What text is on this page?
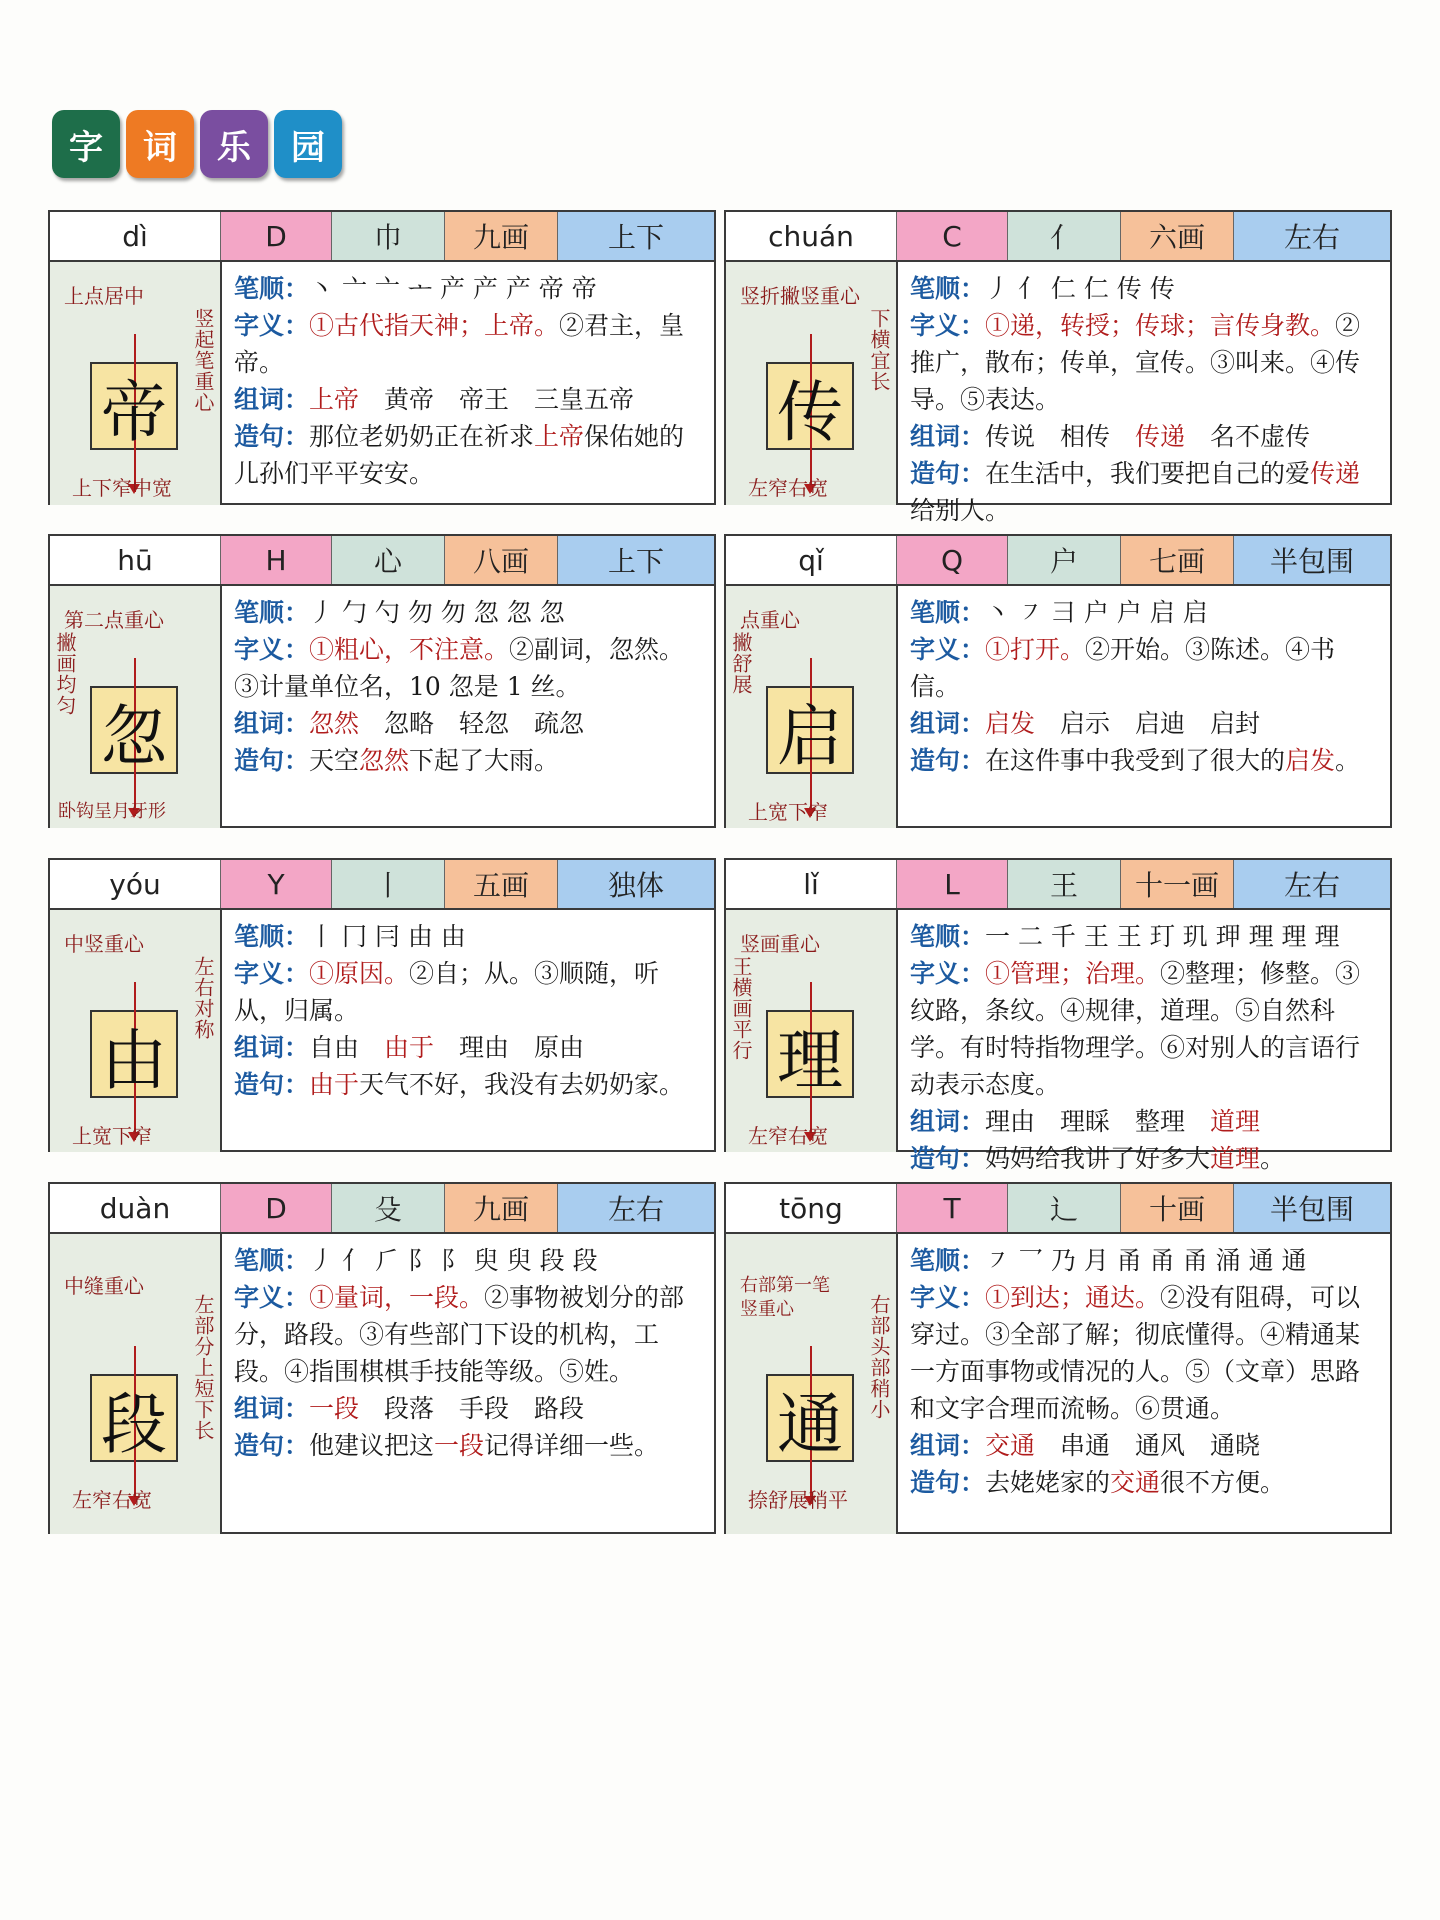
字	词	乐	园
dì	D	巾	九画	上下
上点居中
竖起笔重心
帝
上下窄中宽
笔顺：丶 亠 亠 ᅩ 产 产 产 帝 帝
字义：①古代指天神；上帝。②君主，皇帝。
组词：上帝　黄帝　帝王　三皇五帝
造句：那位老奶奶正在祈求上帝保佑她的儿孙们平平安安。
chuán	C	亻	六画	左右
竖折撇竖重心
下横宜长
传
左窄右宽
笔顺：丿 亻 仁 仁 传 传
字义：①递，转授；传球；言传身教。②推广，散布；传单，宣传。③叫来。④传导。⑤表达。
组词：传说　相传　传递　名不虚传
造句：在生活中，我们要把自己的爱传递给别人。
hū	H	心	八画	上下
第二点重心
撇画均匀
忽
卧钩呈月牙形
笔顺：丿 勹 勺 勿 勿 忽 忽 忽
字义：①粗心，不注意。②副词，忽然。③计量单位名，10 忽是 1 丝。
组词：忽然　忽略　轻忽　疏忽
造句：天空忽然下起了大雨。
qǐ	Q	户	七画	半包围
点重心
撇舒展
启
上宽下窄
笔顺：丶 ㇇ 彐 户 户 启 启
字义：①打开。②开始。③陈述。④书信。
组词：启发　启示　启迪　启封
造句：在这件事中我受到了很大的启发。
yóu	Y	丨	五画	独体
中竖重心
左右对称
由
上宽下窄
笔顺：丨 冂 冃 由 由
字义：①原因。②自；从。③顺随，听从，归属。
组词：自由　由于　理由　原由
造句：由于天气不好，我没有去奶奶家。
lǐ	L	王	十一画	左右
竖画重心
王横画平行 理
左窄右宽
笔顺：一 二 千 王 王 玎 玑 玾 理 理 理
字义：①管理；治理。②整理；修整。③纹路，条纹。④规律，道理。⑤自然科学。有时特指物理学。⑥对别人的言语行动表示态度。
组词：理由　理睬　整理　道理
造句：妈妈给我讲了好多大道理。
duàn	D	殳	九画	左右
中缝重心
左部分上短下长
段
左窄右宽
笔顺：丿 亻 ⺁ 阝 阝 臾 臾 段 段
字义：①量词，一段。②事物被划分的部分，路段。③有些部门下设的机构，工段。④指围棋棋手技能等级。⑤姓。
组词：一段　段落　手段　路段
造句：他建议把这一段记得详细一些。
tōng	T	辶	十画	半包围
右部第一笔竖重心	右部头部稍小
通
捺舒展稍平
笔顺：㇇ 乛 乃 月 甬 甬 甬 涌 通 通
字义：①到达；通达。②没有阻碍，可以穿过。③全部了解；彻底懂得。④精通某一方面事物或情况的人。⑤（文章）思路和文字合理而流畅。⑥贯通。
组词：交通　串通　通风　通晓
造句：去姥姥家的交通很不方便。
